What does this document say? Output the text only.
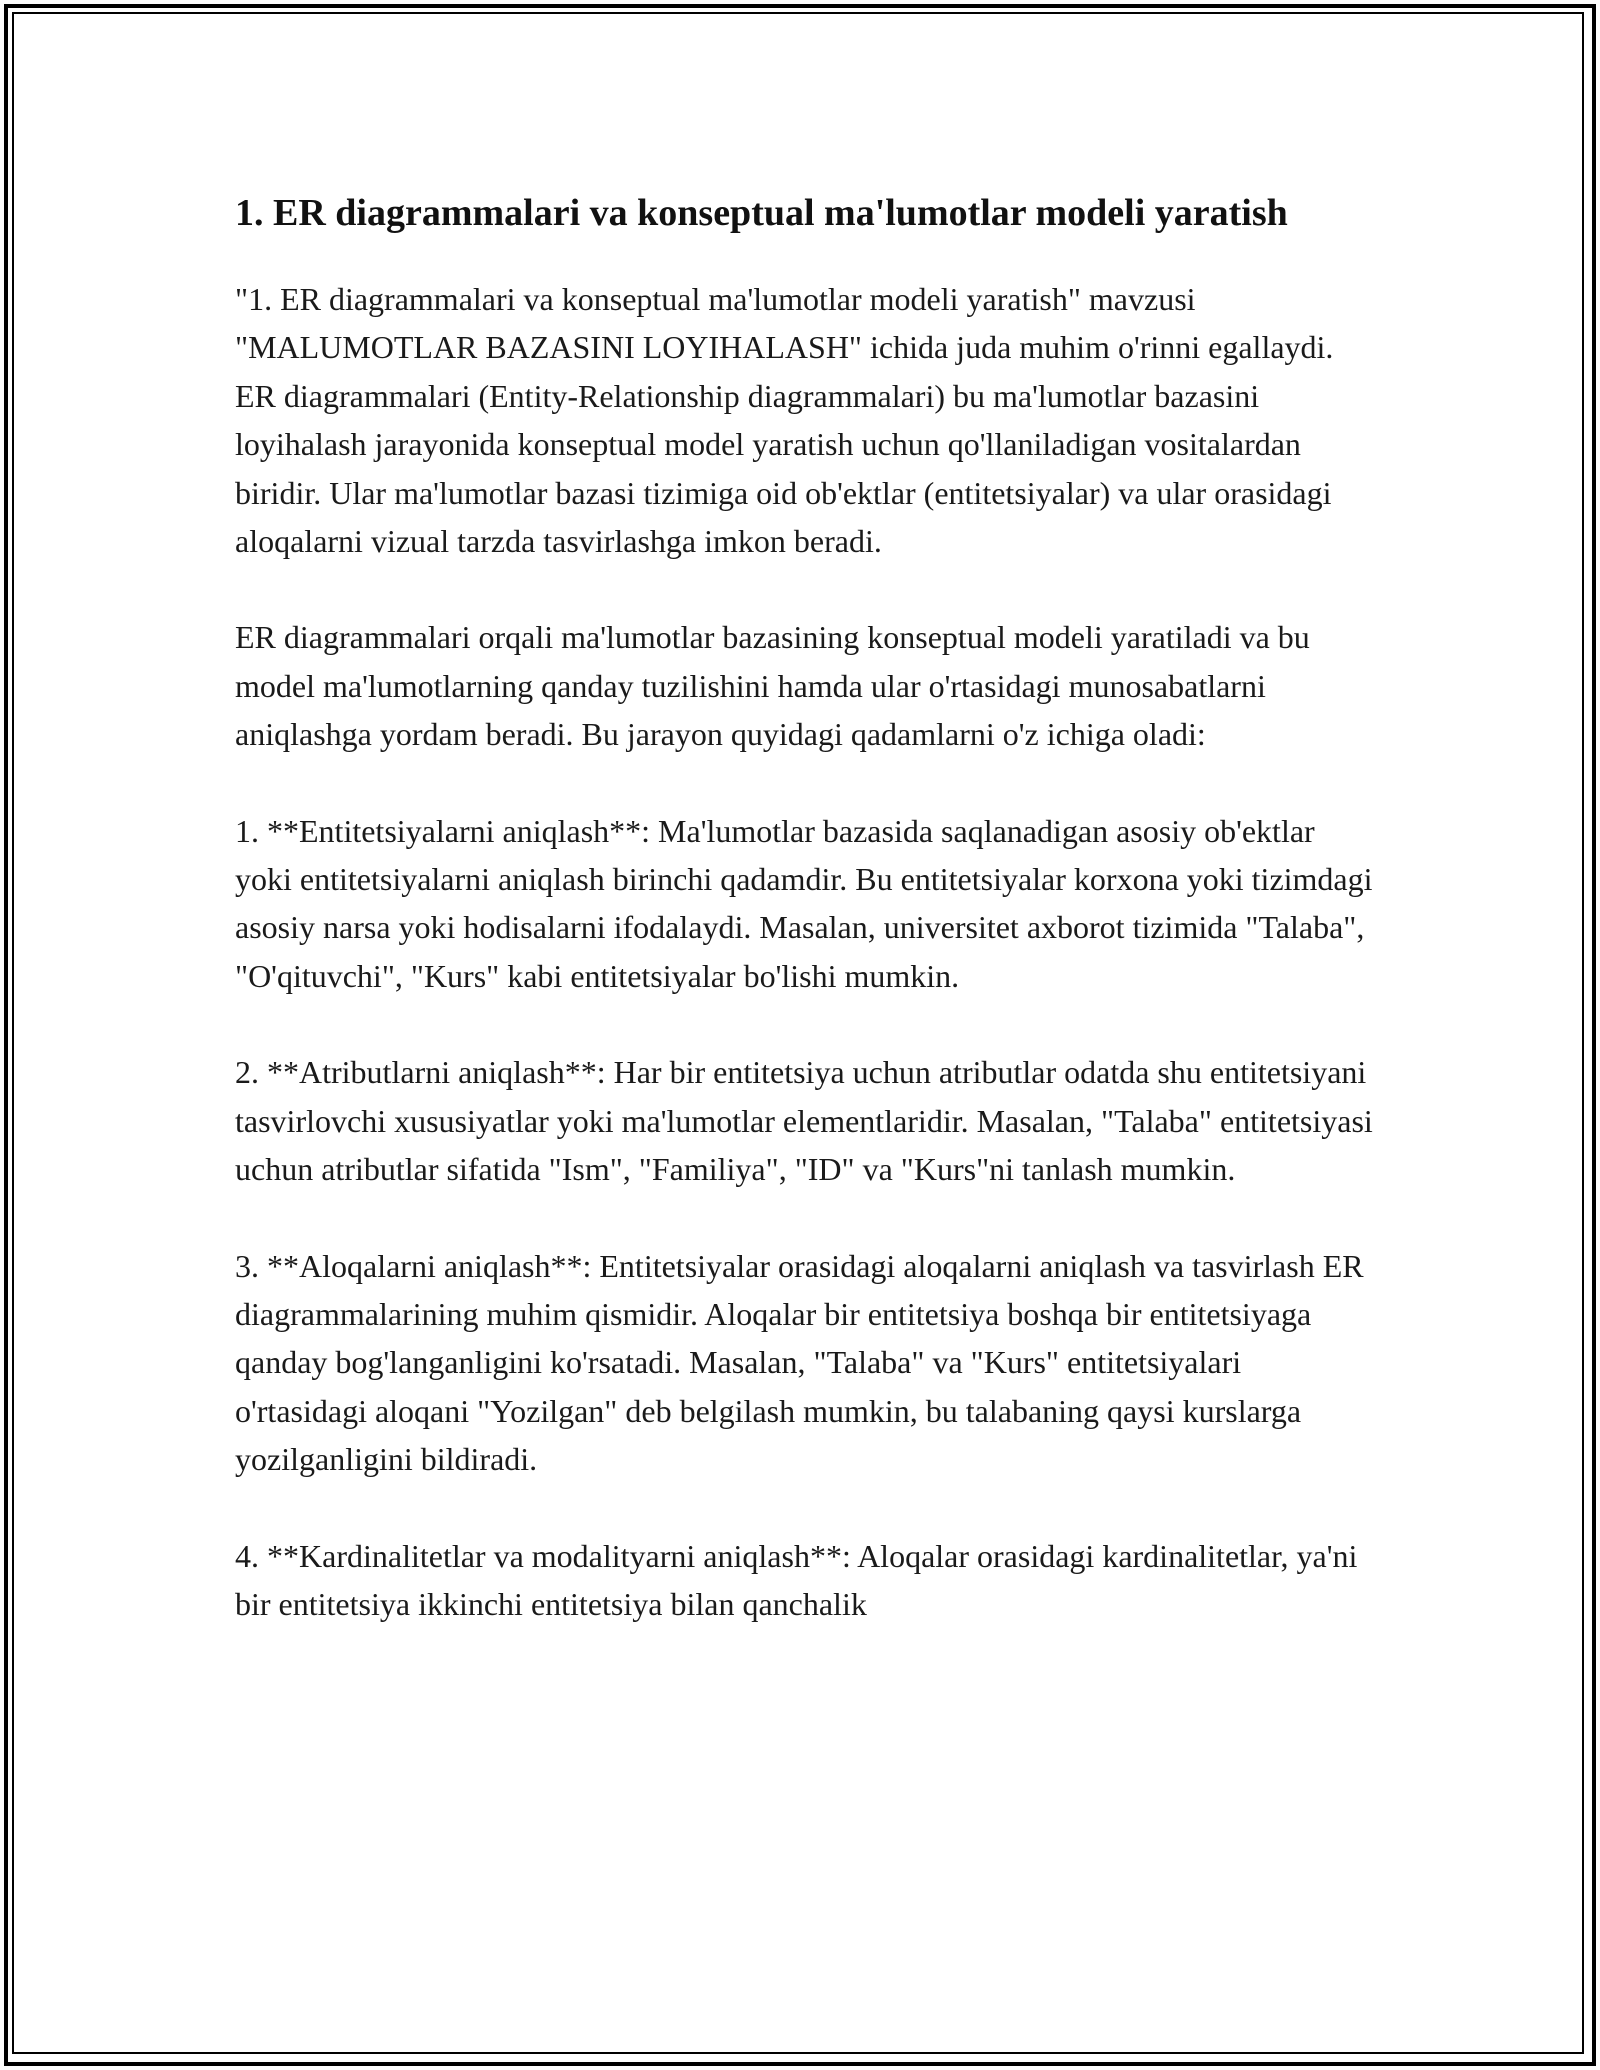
1. ER diagrammalari va konseptual ma'lumotlar modeli yaratish

"1. ER diagrammalari va konseptual ma'lumotlar modeli yaratish" mavzusi "MALUMOTLAR BAZASINI LOYIHALASH" ichida juda muhim o'rinni egallaydi. ER diagrammalari (Entity-Relationship diagrammalari) bu ma'lumotlar bazasini loyihalash jarayonida konseptual model yaratish uchun qo'llaniladigan vositalardan biridir. Ular ma'lumotlar bazasi tizimiga oid ob'ektlar (entitetsiyalar) va ular orasidagi aloqalarni vizual tarzda tasvirlashga imkon beradi.

ER diagrammalari orqali ma'lumotlar bazasining konseptual modeli yaratiladi va bu model ma'lumotlarning qanday tuzilishini hamda ular o'rtasidagi munosabatlarni aniqlashga yordam beradi. Bu jarayon quyidagi qadamlarni o'z ichiga oladi:

1. **Entitetsiyalarni aniqlash**: Ma'lumotlar bazasida saqlanadigan asosiy ob'ektlar yoki entitetsiyalarni aniqlash birinchi qadamdir. Bu entitetsiyalar korxona yoki tizimdagi asosiy narsa yoki hodisalarni ifodalaydi. Masalan, universitet axborot tizimida "Talaba", "O'qituvchi", "Kurs" kabi entitetsiyalar bo'lishi mumkin.

2. **Atributlarni aniqlash**: Har bir entitetsiya uchun atributlar odatda shu entitetsiyani tasvirlovchi xususiyatlar yoki ma'lumotlar elementlaridir. Masalan, "Talaba" entitetsiyasi uchun atributlar sifatida "Ism", "Familiya", "ID" va "Kurs"ni tanlash mumkin.

3. **Aloqalarni aniqlash**: Entitetsiyalar orasidagi aloqalarni aniqlash va tasvirlash ER diagrammalarining muhim qismidir. Aloqalar bir entitetsiya boshqa bir entitetsiyaga qanday bog'langanligini ko'rsatadi. Masalan, "Talaba" va "Kurs" entitetsiyalari o'rtasidagi aloqani "Yozilgan" deb belgilash mumkin, bu talabaning qaysi kurslarga yozilganligini bildiradi.

4. **Kardinalitetlar va modalityarni aniqlash**: Aloqalar orasidagi kardinalitetlar, ya'ni bir entitetsiya ikkinchi entitetsiya bilan qanchalik
